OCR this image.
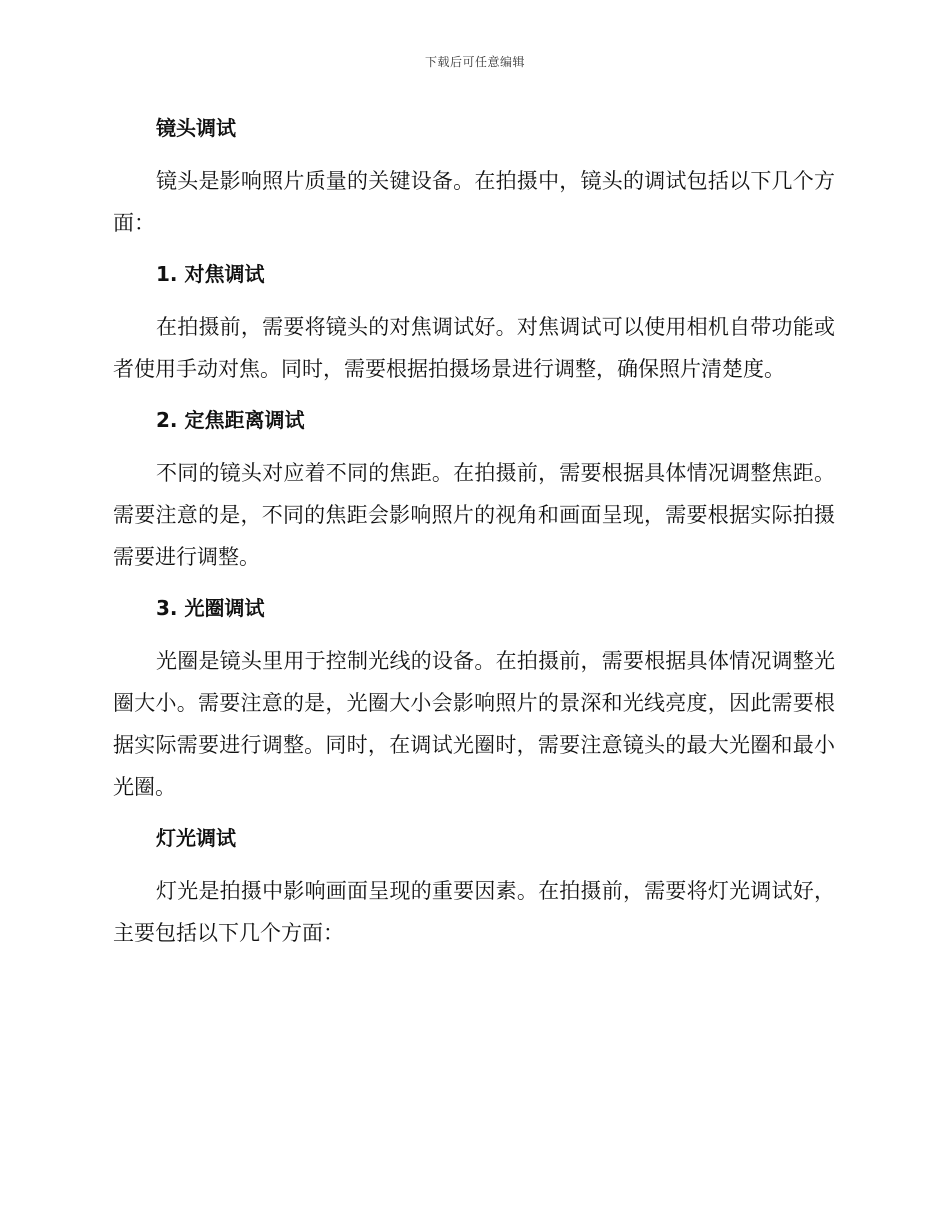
下载后可任意编辑

镜头调试

镜头是影响照片质量的关键设备。在拍摄中，镜头的调试包括以下几个方面：

1. 对焦调试

在拍摄前，需要将镜头的对焦调试好。对焦调试可以使用相机自带功能或者使用手动对焦。同时，需要根据拍摄场景进行调整，确保照片清楚度。

2. 定焦距离调试

不同的镜头对应着不同的焦距。在拍摄前，需要根据具体情况调整焦距。需要注意的是，不同的焦距会影响照片的视角和画面呈现，需要根据实际拍摄需要进行调整。

3. 光圈调试

光圈是镜头里用于控制光线的设备。在拍摄前，需要根据具体情况调整光圈大小。需要注意的是，光圈大小会影响照片的景深和光线亮度，因此需要根据实际需要进行调整。同时，在调试光圈时，需要注意镜头的最大光圈和最小光圈。

灯光调试

灯光是拍摄中影响画面呈现的重要因素。在拍摄前，需要将灯光调试好，主要包括以下几个方面：
